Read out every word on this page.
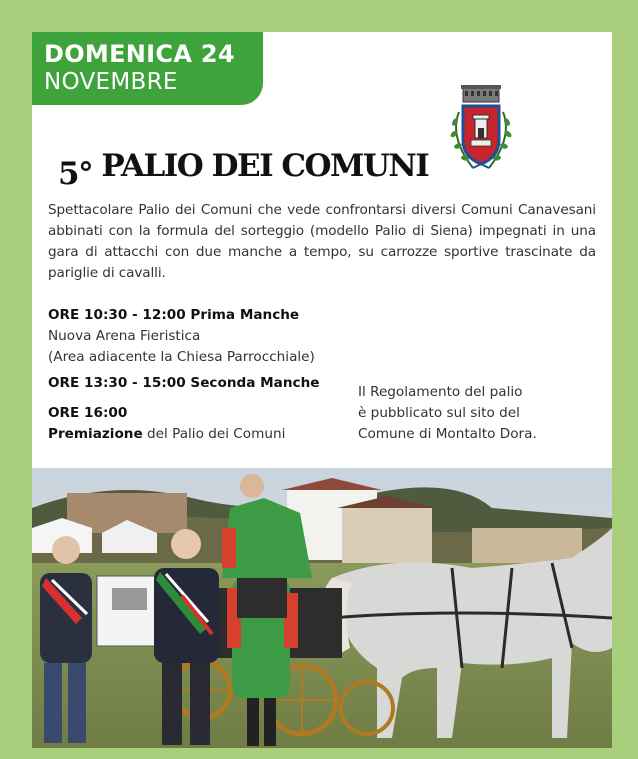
DOMENICA 24
NOVEMBRE
5° PALIO DEI COMUNI

Spettacolare Palio dei Comuni che vede confrontarsi diversi Comuni Canavesani abbinati con la formula del sorteggio (modello Palio di Siena) impegnati in una gara di attacchi con due manche a tempo, su carrozze sportive trascinate da pariglie di cavalli.

ORE 10:30 - 12:00 Prima Manche
Nuova Arena Fieristica
(Area adiacente la Chiesa Parrocchiale)
ORE 13:30 - 15:00 Seconda Manche
ORE 16:00
Premiazione del Palio dei Comuni
Il Regolamento del palio
è pubblicato sul sito del
Comune di Montalto Dora.
